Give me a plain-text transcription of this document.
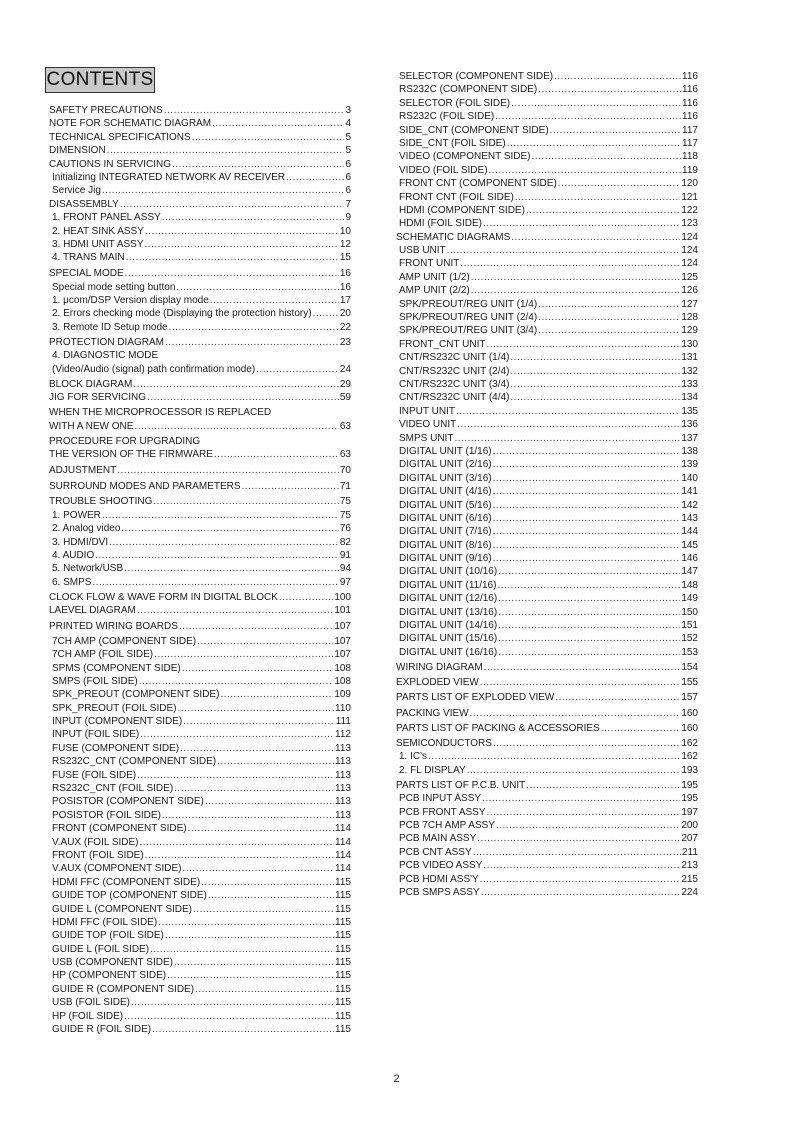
CONTENTS
SAFETY PRECAUTIONS .....	3
NOTE FOR SCHEMATIC DIAGRAM .....	4
TECHNICAL SPECIFICATIONS .....	5
DIMENSION .....	5
CAUTIONS IN SERVICING .....	6
Initializing INTEGRATED NETWORK AV RECEIVER .....	6
Service Jig .....	6
DISASSEMBLY .....	7
1. FRONT PANEL ASSY .....	9
2. HEAT SINK ASSY .....	10
3. HDMI UNIT ASSY .....	12
4. TRANS MAIN .....	15
SPECIAL MODE .....	16
Special mode setting button .....	16
1. μcom/DSP Version display mode .....	17
2. Errors checking mode (Displaying the protection history) .....	20
3. Remote ID Setup mode .....	22
PROTECTION DIAGRAM .....	23
4. DIAGNOSTIC MODE
(Video/Audio (signal) path confirmation mode) .....	24
BLOCK DIAGRAM .....	29
JIG FOR SERVICING .....	59
WHEN THE MICROPROCESSOR IS REPLACED
WITH A NEW ONE .....	63
PROCEDURE FOR UPGRADING
THE VERSION OF THE FIRMWARE .....	63
ADJUSTMENT .....	70
SURROUND MODES AND PARAMETERS .....	71
TROUBLE SHOOTING .....	75
1. POWER .....	75
2. Analog video .....	76
3. HDMI/DVI .....	82
4. AUDIO .....	91
5. Network/USB .....	94
6. SMPS .....	97
CLOCK FLOW & WAVE FORM IN DIGITAL BLOCK .....	100
LAEVEL DIAGRAM .....	101
PRINTED WIRING BOARDS .....	107
7CH AMP (COMPONENT SIDE) .....	107
7CH AMP (FOIL SIDE) .....	107
SPMS (COMPONENT SIDE) .....	108
SMPS (FOIL SIDE) .....	108
SPK_PREOUT (COMPONENT SIDE) .....	109
SPK_PREOUT (FOIL SIDE) .....	110
INPUT (COMPONENT SIDE) .....	111
INPUT (FOIL SIDE) .....	112
FUSE (COMPONENT SIDE) .....	113
RS232C_CNT (COMPONENT SIDE) .....	113
FUSE (FOIL SIDE) .....	113
RS232C_CNT (FOIL SIDE) .....	113
POSISTOR (COMPONENT SIDE) .....	113
POSISTOR (FOIL SIDE) .....	113
FRONT (COMPONENT SIDE) .....	114
V.AUX (FOIL SIDE) .....	114
FRONT (FOIL SIDE) .....	114
V.AUX (COMPONENT SIDE) .....	114
HDMI FFC (COMPONENT SIDE) .....	115
GUIDE TOP (COMPONENT SIDE) .....	115
GUIDE L (COMPONENT SIDE) .....	115
HDMI FFC (FOIL SIDE) .....	115
GUIDE TOP (FOIL SIDE) .....	115
GUIDE L (FOIL SIDE) .....	115
USB (COMPONENT SIDE) .....	115
HP (COMPONENT SIDE) .....	115
GUIDE R (COMPONENT SIDE) .....	115
USB (FOIL SIDE) .....	115
HP (FOIL SIDE) .....	115
GUIDE R (FOIL SIDE) .....	115
SELECTOR (COMPONENT SIDE) .....	116
RS232C (COMPONENT SIDE) .....	116
SELECTOR (FOIL SIDE) .....	116
RS232C (FOIL SIDE) .....	116
SIDE_CNT (COMPONENT SIDE) .....	117
SIDE_CNT (FOIL SIDE) .....	117
VIDEO (COMPONENT SIDE) .....	118
VIDEO (FOIL SIDE) .....	119
FRONT CNT (COMPONENT SIDE) .....	120
FRONT CNT (FOIL SIDE) .....	121
HDMI (COMPONENT SIDE) .....	122
HDMI (FOIL SIDE) .....	123
SCHEMATIC DIAGRAMS .....	124
USB UNIT .....	124
FRONT UNIT .....	124
AMP UNIT (1/2) .....	125
AMP UNIT (2/2) .....	126
SPK/PREOUT/REG UNIT (1/4) .....	127
SPK/PREOUT/REG UNIT (2/4) .....	128
SPK/PREOUT/REG UNIT (3/4) .....	129
FRONT_CNT UNIT .....	130
CNT/RS232C UNIT (1/4) .....	131
CNT/RS232C UNIT (2/4) .....	132
CNT/RS232C UNIT (3/4) .....	133
CNT/RS232C UNIT (4/4) .....	134
INPUT UNIT .....	135
VIDEO UNIT .....	136
SMPS UNIT .....	137
DIGITAL UNIT (1/16) .....	138
DIGITAL UNIT (2/16) .....	139
DIGITAL UNIT (3/16) .....	140
DIGITAL UNIT (4/16) .....	141
DIGITAL UNIT (5/16) .....	142
DIGITAL UNIT (6/16) .....	143
DIGITAL UNIT (7/16) .....	144
DIGITAL UNIT (8/16) .....	145
DIGITAL UNIT (9/16) .....	146
DIGITAL UNIT (10/16) .....	147
DIGITAL UNIT (11/16) .....	148
DIGITAL UNIT (12/16) .....	149
DIGITAL UNIT (13/16) .....	150
DIGITAL UNIT (14/16) .....	151
DIGITAL UNIT (15/16) .....	152
DIGITAL UNIT (16/16) .....	153
WIRING DIAGRAM .....	154
EXPLODED VIEW .....	155
PARTS LIST OF EXPLODED VIEW .....	157
PACKING VIEW .....	160
PARTS LIST OF PACKING & ACCESSORIES .....	160
SEMICONDUCTORS .....	162
1. IC's .....	162
2. FL DISPLAY .....	193
PARTS LIST OF P.C.B. UNIT .....	195
PCB INPUT ASSY .....	195
PCB FRONT ASSY .....	197
PCB 7CH AMP ASSY .....	200
PCB MAIN ASSY .....	207
PCB CNT ASSY .....	211
PCB VIDEO ASSY .....	213
PCB HDMI ASS'Y .....	215
PCB SMPS ASSY .....	224
2
